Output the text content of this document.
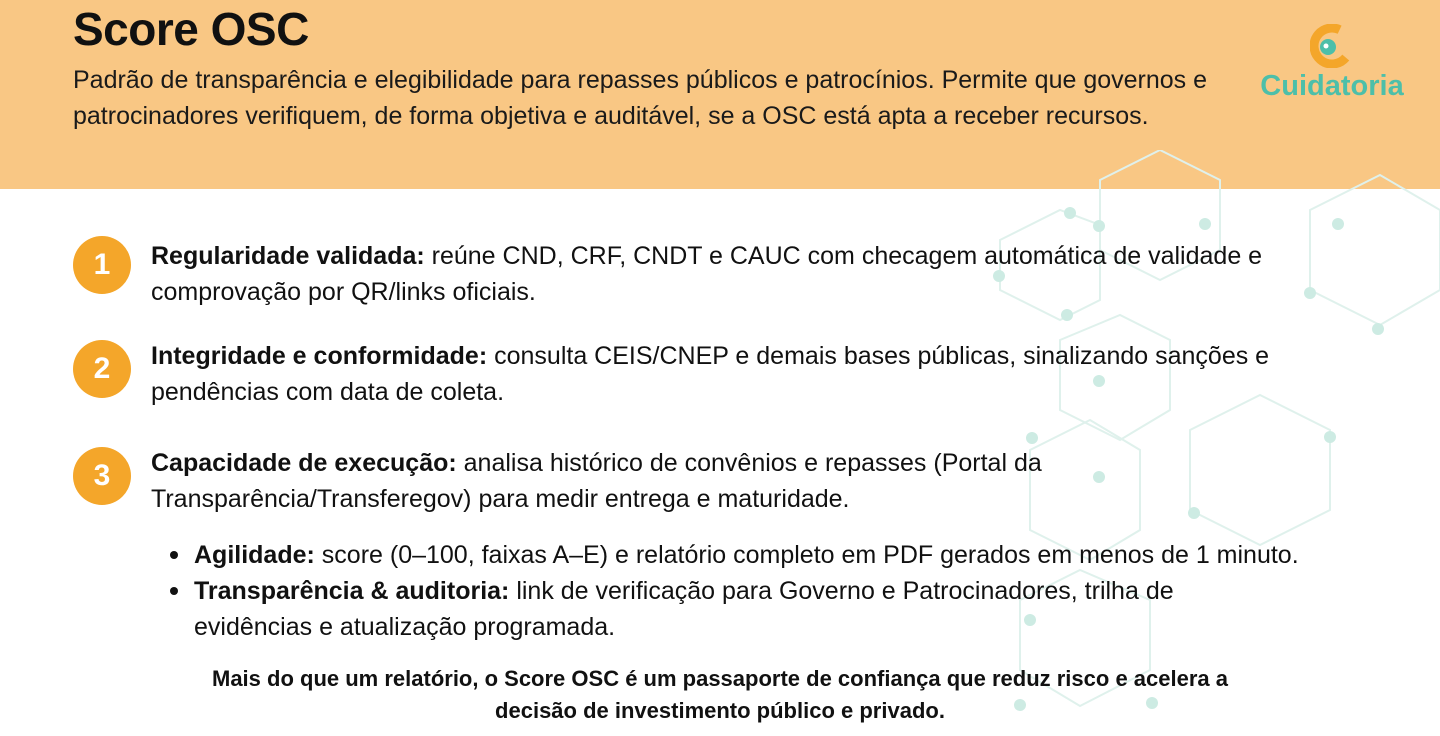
Score OSC
Padrão de transparência e elegibilidade para repasses públicos e patrocínios. Permite que governos e patrocinadores verifiquem, de forma objetiva e auditável, se a OSC está apta a receber recursos.
Cuidatoria
1	Regularidade validada: reúne CND, CRF, CNDT e CAUC com checagem automática de validade e comprovação por QR/links oficiais.
2	Integridade e conformidade: consulta CEIS/CNEP e demais bases públicas, sinalizando sanções e pendências com data de coleta.
3	Capacidade de execução: analisa histórico de convênios e repasses (Portal da Transparência/Transferegov) para medir entrega e maturidade.
Agilidade: score (0–100, faixas A–E) e relatório completo em PDF gerados em menos de 1 minuto.
Transparência & auditoria: link de verificação para Governo e Patrocinadores, trilha de evidências e atualização programada.
Mais do que um relatório, o Score OSC é um passaporte de confiança que reduz risco e acelera a decisão de investimento público e privado.
